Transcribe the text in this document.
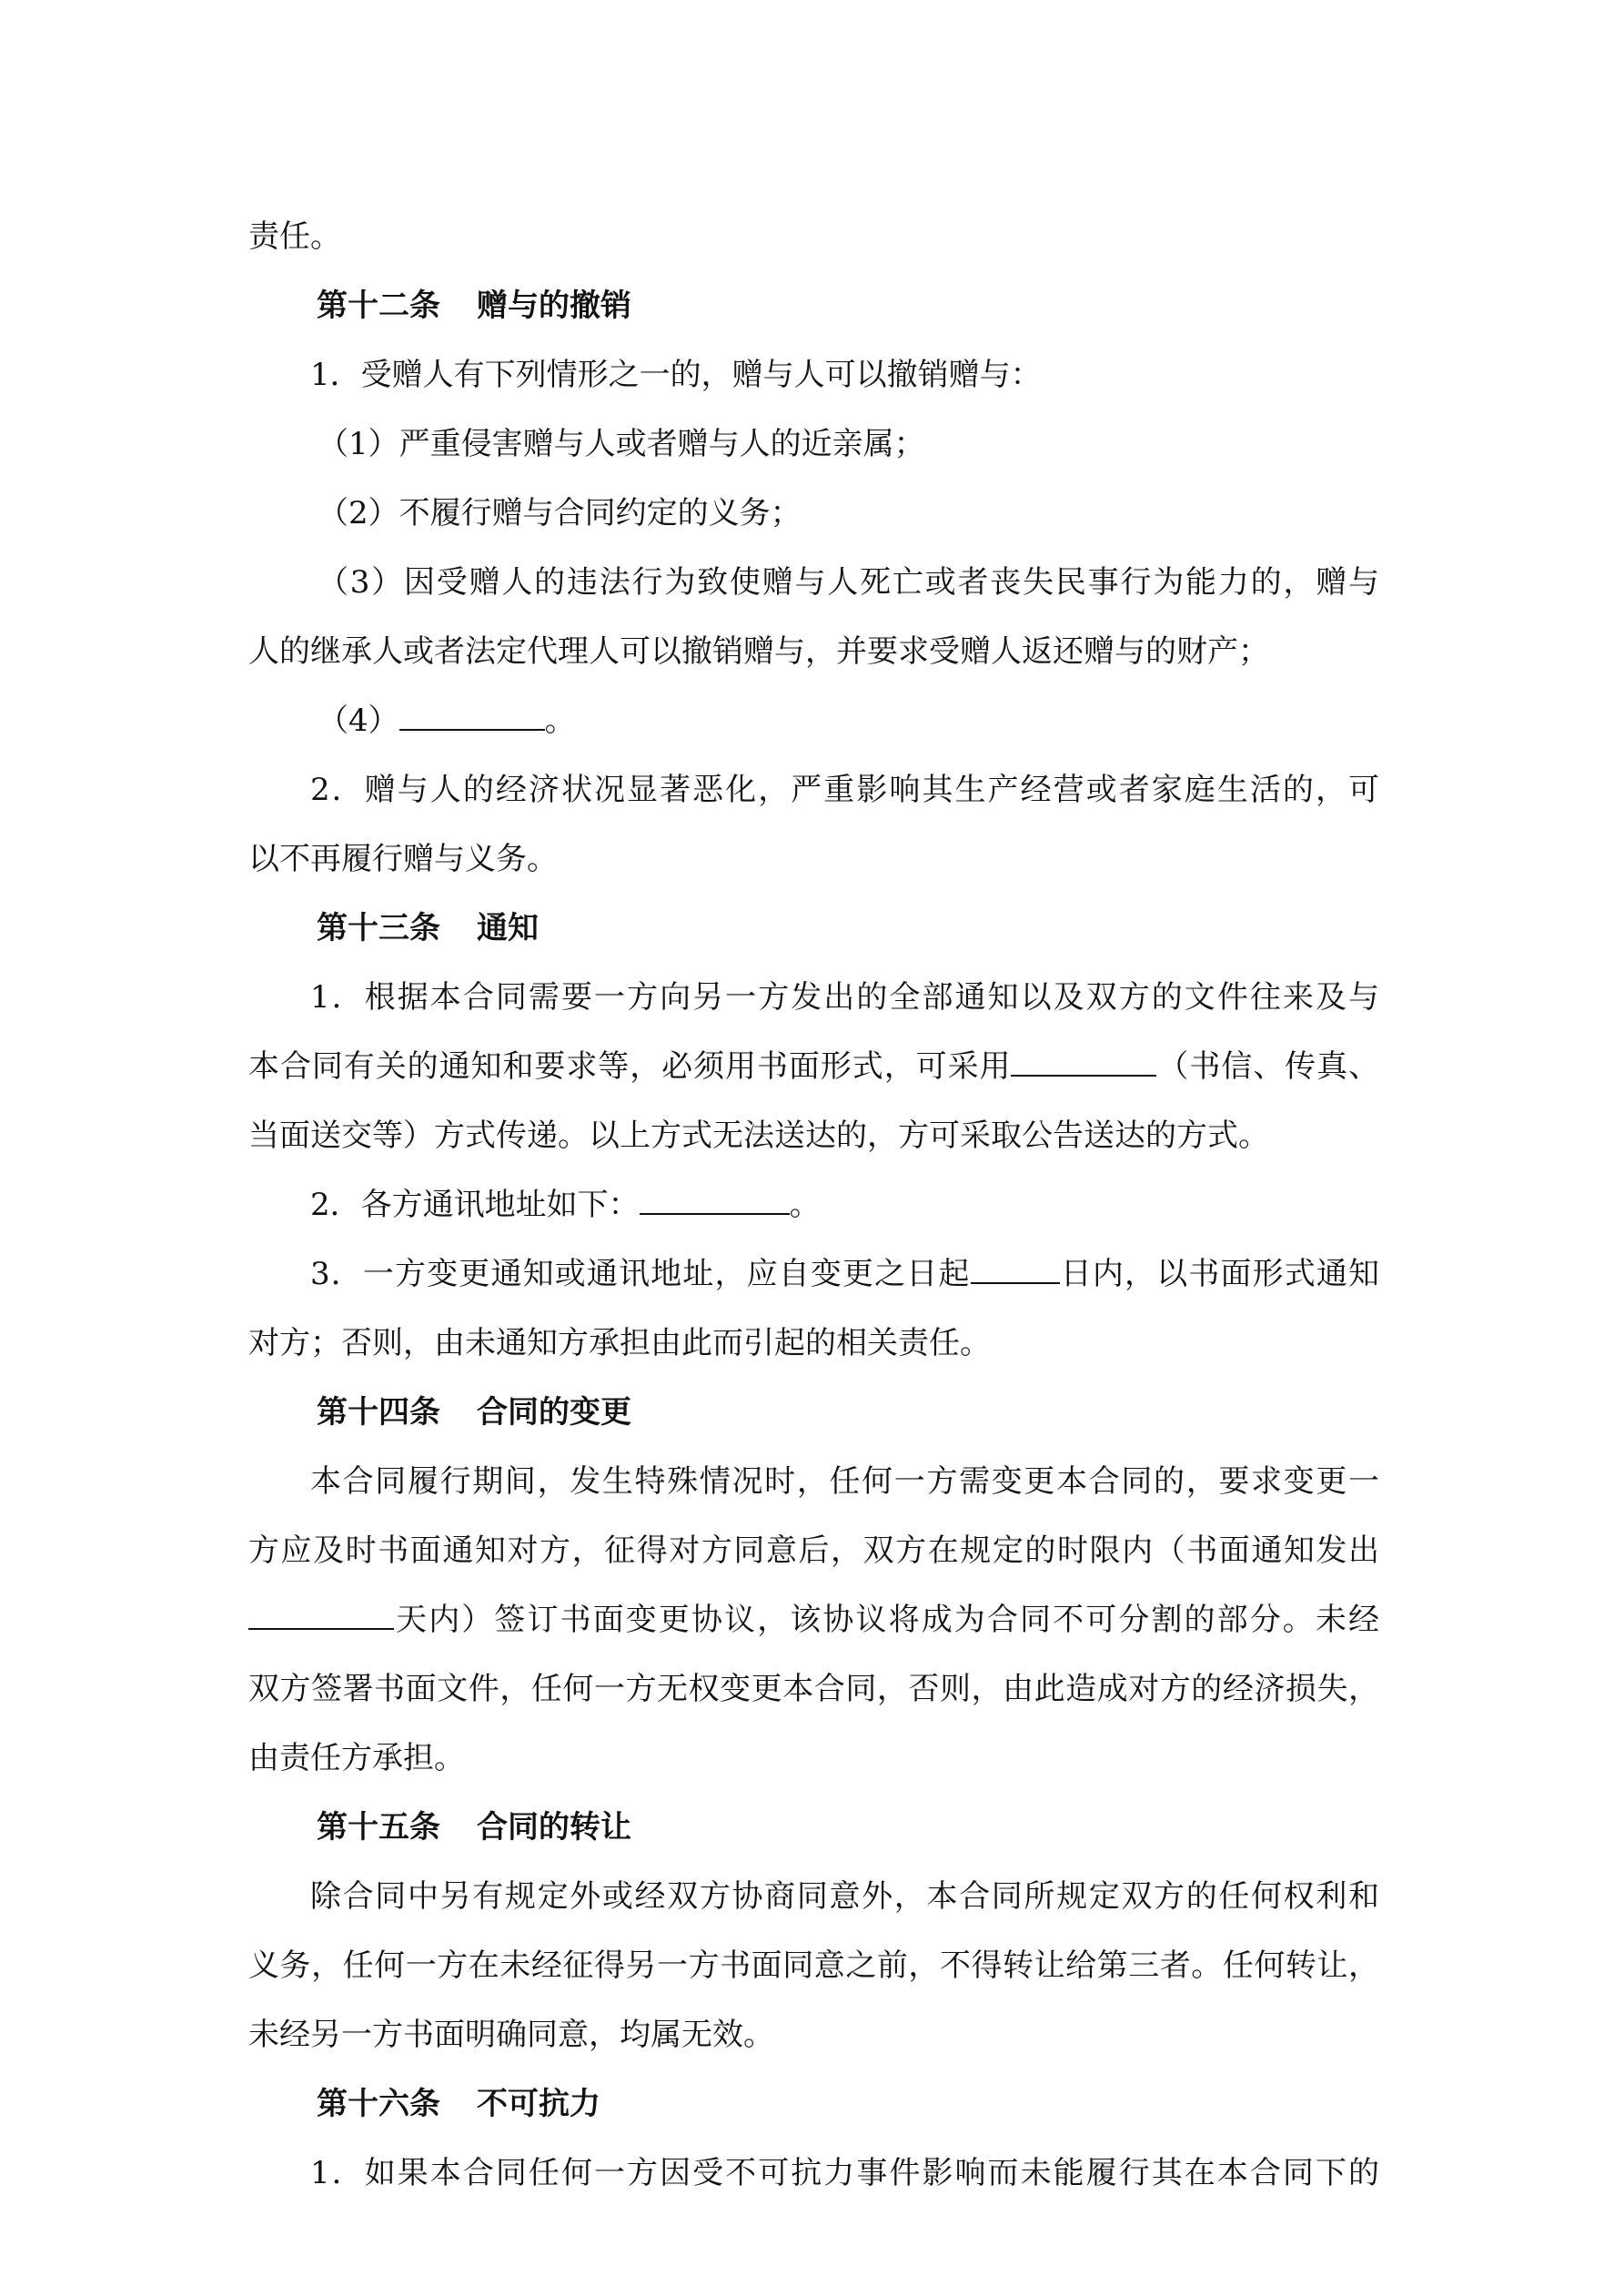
责任。

第十二条 赠与的撤销

1．受赠人有下列情形之一的，赠与人可以撤销赠与：

（1）严重侵害赠与人或者赠与人的近亲属；

（2）不履行赠与合同约定的义务；

（3）因受赠人的违法行为致使赠与人死亡或者丧失民事行为能力的，赠与

人的继承人或者法定代理人可以撤销赠与，并要求受赠人返还赠与的财产；

（4）	。

2．赠与人的经济状况显著恶化，严重影响其生产经营或者家庭生活的，可

以不再履行赠与义务。

第十三条 通知

1．根据本合同需要一方向另一方发出的全部通知以及双方的文件往来及与

本合同有关的通知和要求等，必须用书面形式，可采用	（书信、传真、

当面送交等）方式传递。以上方式无法送达的，方可采取公告送达的方式。

2．各方通讯地址如下：	。

3．一方变更通知或通讯地址，应自变更之日起	日内，以书面形式通知

对方；否则，由未通知方承担由此而引起的相关责任。

第十四条 合同的变更

本合同履行期间，发生特殊情况时，任何一方需变更本合同的，要求变更一

方应及时书面通知对方，征得对方同意后，双方在规定的时限内（书面通知发出

天内）签订书面变更协议，该协议将成为合同不可分割的部分。未经

双方签署书面文件，任何一方无权变更本合同，否则，由此造成对方的经济损失，

由责任方承担。

第十五条 合同的转让

除合同中另有规定外或经双方协商同意外，本合同所规定双方的任何权利和

义务，任何一方在未经征得另一方书面同意之前，不得转让给第三者。任何转让，

未经另一方书面明确同意，均属无效。

第十六条 不可抗力

1．如果本合同任何一方因受不可抗力事件影响而未能履行其在本合同下的
